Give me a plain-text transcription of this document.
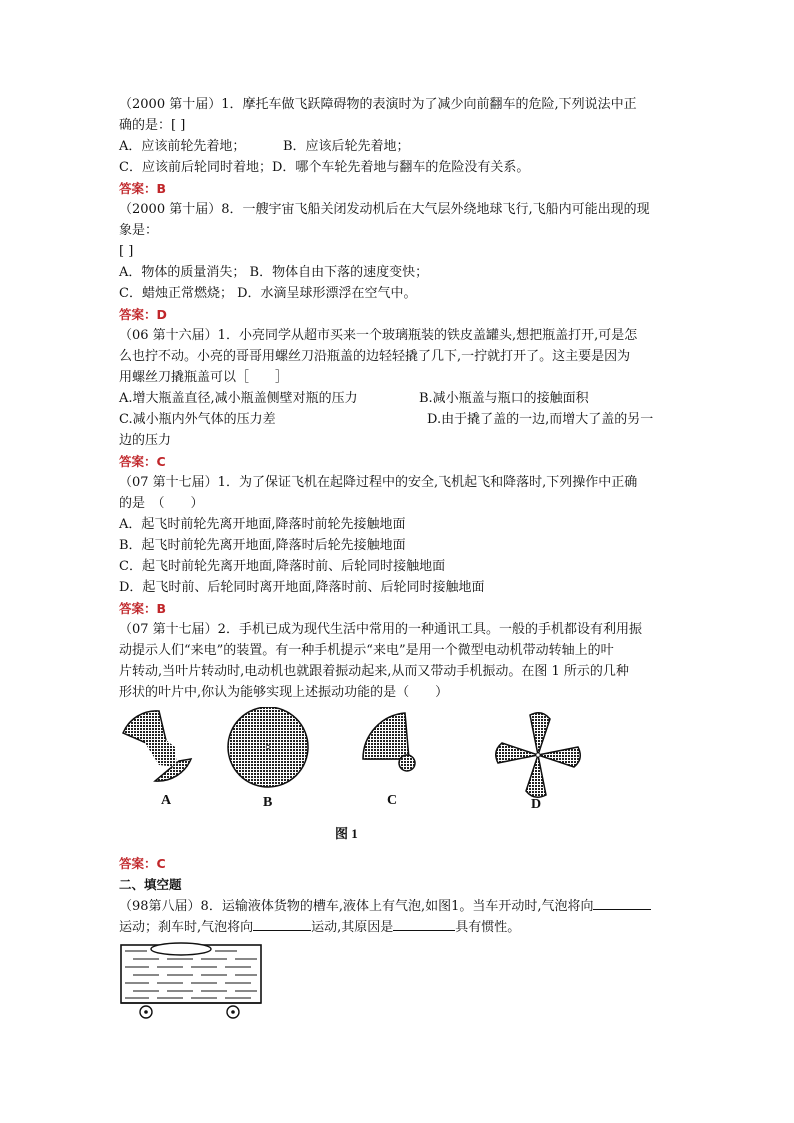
（2000 第十届）1．摩托车做飞跃障碍物的表演时为了减少向前翻车的危险,下列说法中正
确的是：[ ]
A．应该前轮先着地；	B．应该后轮先着地；
C．应该前后轮同时着地；D．哪个车轮先着地与翻车的危险没有关系。
答案：B
（2000 第十届）8．一艘宇宙飞船关闭发动机后在大气层外绕地球飞行,飞船内可能出现的现
象是：
[ ]
A．物体的质量消失； B．物体自由下落的速度变快；
C．蜡烛正常燃烧； D．水滴呈球形漂浮在空气中。
答案：D
（06 第十六届）1．小亮同学从超市买来一个玻璃瓶装的铁皮盖罐头,想把瓶盖打开,可是怎
么也拧不动。小亮的哥哥用螺丝刀沿瓶盖的边轻轻撬了几下,一拧就打开了。这主要是因为
用螺丝刀撬瓶盖可以［　　］
A.增大瓶盖直径,减小瓶盖侧壁对瓶的压力	B.减小瓶盖与瓶口的接触面积
C.减小瓶内外气体的压力差	D.由于撬了盖的一边,而增大了盖的另一
边的压力
答案：C
（07 第十七届）1．为了保证飞机在起降过程中的安全,飞机起飞和降落时,下列操作中正确
的是　（　　）
A．起飞时前轮先离开地面,降落时前轮先接触地面
B．起飞时前轮先离开地面,降落时后轮先接触地面
C．起飞时前轮先离开地面,降落时前、后轮同时接触地面
D．起飞时前、后轮同时离开地面,降落时前、后轮同时接触地面
答案：B
（07 第十七届）2．手机已成为现代生活中常用的一种通讯工具。一般的手机都设有利用振
动提示人们“来电”的装置。有一种手机提示“来电”是用一个微型电动机带动转轴上的叶
片转动,当叶片转动时,电动机也就跟着振动起来,从而又带动手机振动。在图 1 所示的几种
形状的叶片中,你认为能够实现上述振动功能的是（　　）
A	B	C	D
图 1
答案：C
二、填空题
（98第八届）8．运输液体货物的槽车,液体上有气泡,如图1。当车开动时,气泡将向
运动；刹车时,气泡将向	运动,其原因是	具有惯性。
